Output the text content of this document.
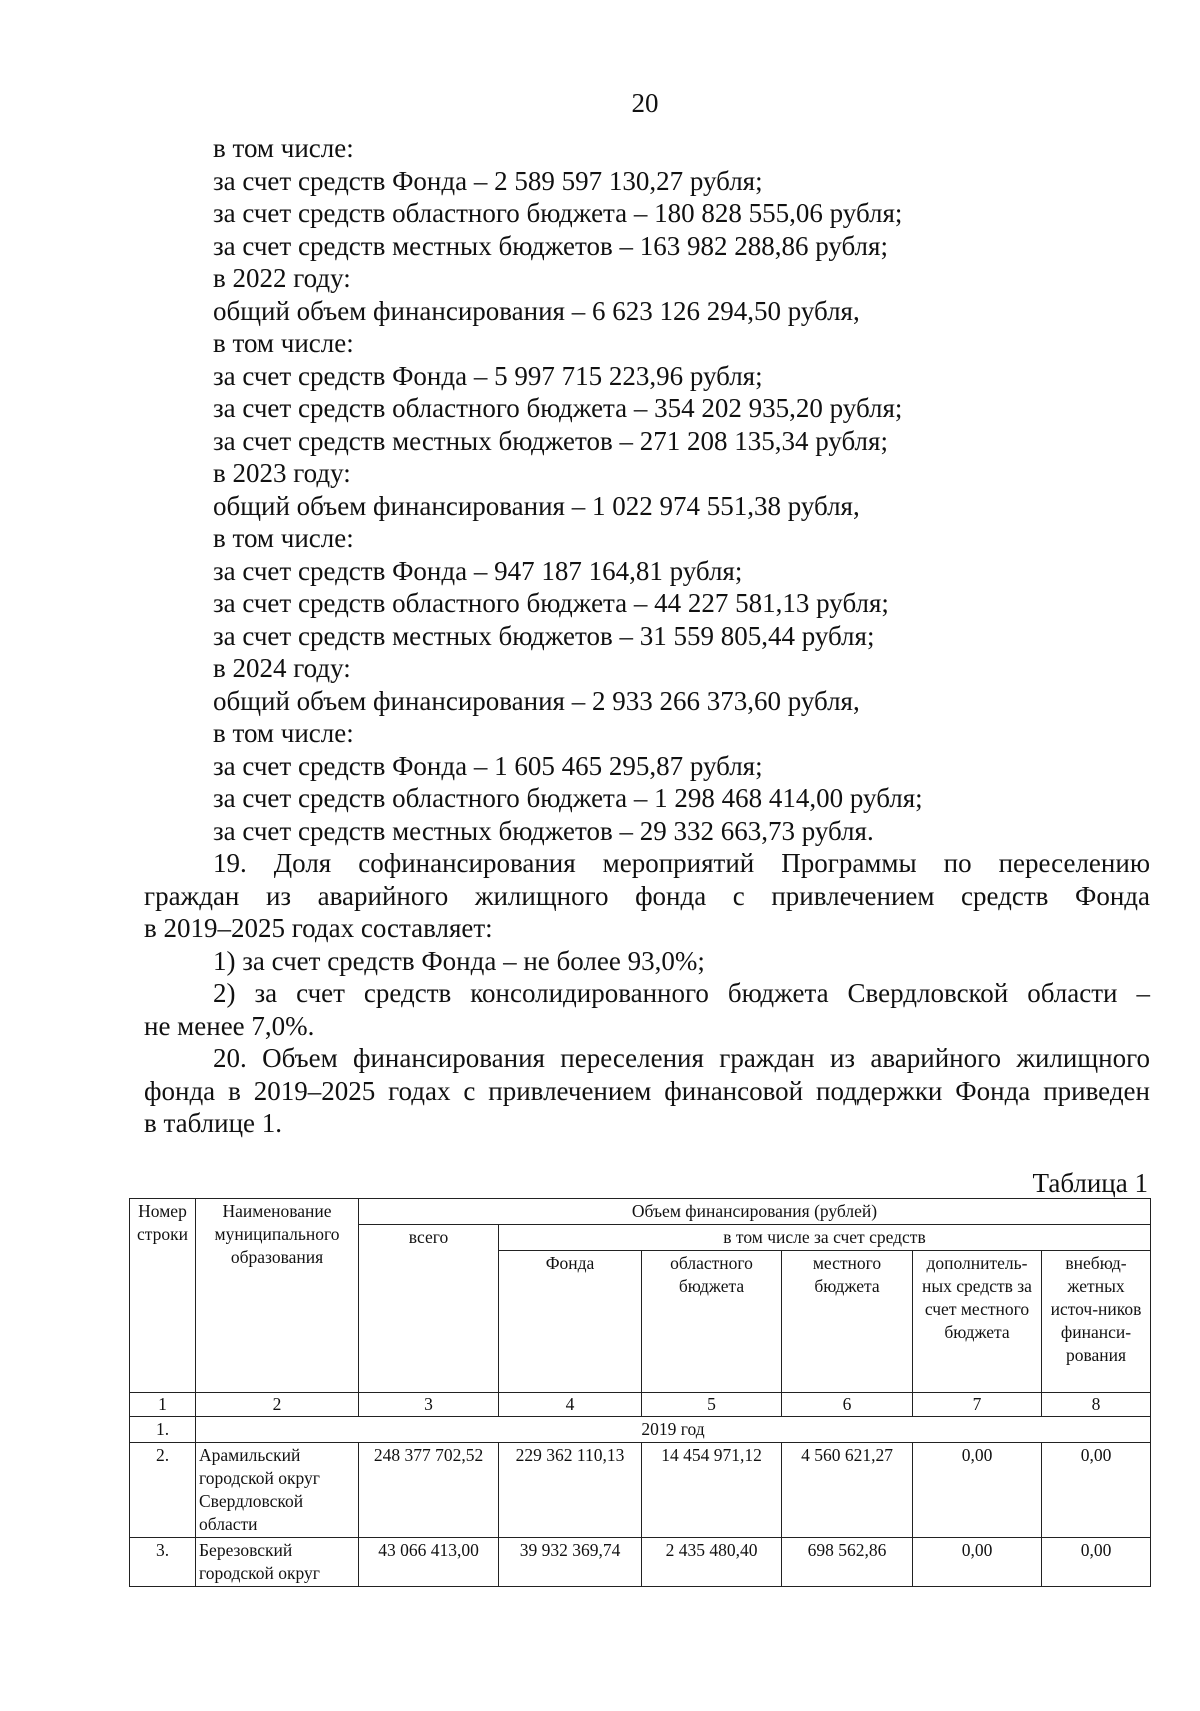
20
в том числе:
за счет средств Фонда – 2 589 597 130,27 рубля;
за счет средств областного бюджета – 180 828 555,06 рубля;
за счет средств местных бюджетов – 163 982 288,86 рубля;
в 2022 году:
общий объем финансирования – 6 623 126 294,50 рубля,
в том числе:
за счет средств Фонда – 5 997 715 223,96 рубля;
за счет средств областного бюджета – 354 202 935,20 рубля;
за счет средств местных бюджетов – 271 208 135,34 рубля;
в 2023 году:
общий объем финансирования – 1 022 974 551,38 рубля,
в том числе:
за счет средств Фонда – 947 187 164,81 рубля;
за счет средств областного бюджета – 44 227 581,13 рубля;
за счет средств местных бюджетов – 31 559 805,44 рубля;
в 2024 году:
общий объем финансирования – 2 933 266 373,60 рубля,
в том числе:
за счет средств Фонда – 1 605 465 295,87 рубля;
за счет средств областного бюджета – 1 298 468 414,00 рубля;
за счет средств местных бюджетов – 29 332 663,73 рубля.
19. Доля софинансирования мероприятий Программы по переселению
граждан из аварийного жилищного фонда с привлечением средств Фонда
в 2019–2025 годах составляет:
1) за счет средств Фонда – не более 93,0%;
2) за счет средств консолидированного бюджета Свердловской области –
не менее 7,0%.
20. Объем финансирования переселения граждан из аварийного жилищного
фонда в 2019–2025 годах с привлечением финансовой поддержки Фонда приведен
в таблице 1.
Таблица 1
Номер строки	Наименование муниципального образования	Объем финансирования (рублей)					
		всего	в том числе за счет средств				
			Фонда	областного бюджета	местного бюджета	дополнитель-ных средств за счет местного бюджета	внебюд-жетных источ-ников финанси-рования
1	2	3	4	5	6	7	8
1.	2019 год						
2.	Арамильский городской округ Свердловской области	248 377 702,52	229 362 110,13	14 454 971,12	4 560 621,27	0,00	0,00
3.	Березовский городской округ	43 066 413,00	39 932 369,74	2 435 480,40	698 562,86	0,00	0,00
